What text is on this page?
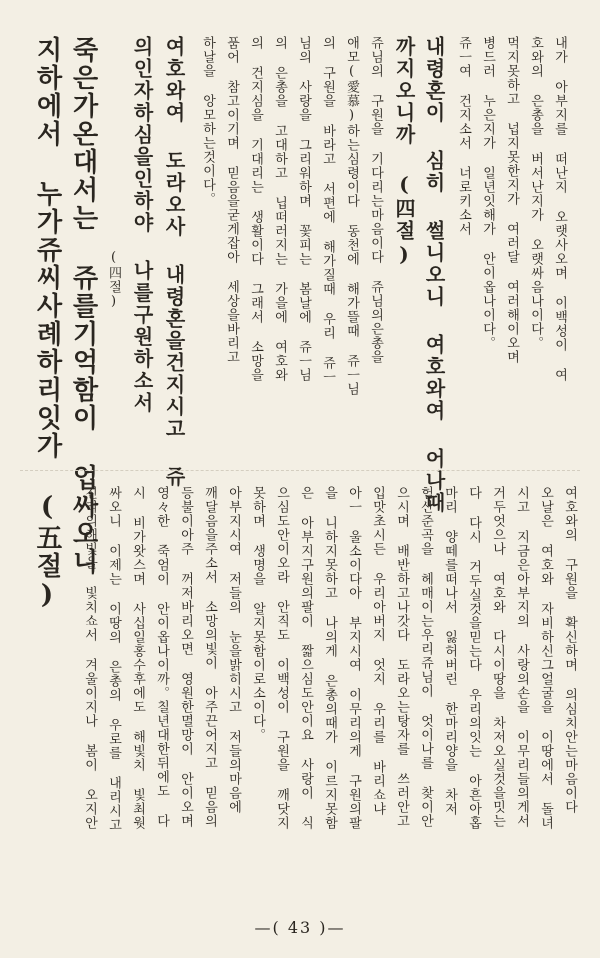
내가 아부지를 떠난지 오랫사오며 이백성이 여
호와의 은총을 버서난지가 오랫싸음나이다。
먹지못하고 넙지못한지가 여러달 여러해이오며
병드러 누은지가 일년잇해가 안이옵나이다。
쥬ㅡ여 건지소서 너로키소서
내령혼이 심히 썰니오니 여호와여 어나때
까지오니까 (四절)
쥬님의 구원을 기다리는마음이다 쥬님의은총을
애모(愛慕)하는심령이다 동천에 해가뜰때 쥬ㅡ님
의 구원을 바라고 서편에 해가질때 우리 쥬ㅡ
님의 사랑을 그리워하며 꽃피는 봄날에 쥬ㅡ님
의 은총을 고대하고 닙떠러지는 가을에 여호와
의 건지심을 기대리는 생활이다 그래서 소망을
품어 참고이기며 믿음을굳게잡아 세상을바리고
하날을 앙모하는것이다。
여호와여 도라오사 내령혼을건지시고 쥬
의인자하심을인하야 나를구원하소서
(四절)
죽은가온대서는 쥬를기억함이 업싸오니
지하에서 누가쥬씨사례하리잇가 (五절)
여호와의 구원을 확신하며 의심치안는마음이다
오날은 여호와 자비하신그얼굴을 이땅에서 돌녀
시고 지금은아부지의 사랑의손을 이무리들의게서
거두엇으나 여호와 다시이땅을 차저오실것을밋는
다 다시 거두실것을믿는다 우리의잇는 아흔아홉
마리 양떼를떠나서 잃허버린 한마리양을 차저
험산준곡을 헤매이는우리쥬님이 엇이나를 찾이안
으시며 배반하고나갓다 도라오는탕자를 쓰러안고
입맛초시든 우리아버지 엇지 우리를 바리쇼냐
아ㅡ 울소이다아 부지시여 이무리의게 구원의팔
을 니하지못하고 나의게 은총의때가 이르지못함
은 아부지구원의팔이 짧으심도안이요 사랑이 식
으심도안이오라 안직도 이백성이 구원을 깨닷지
못하며 생명을 알지못함이로소이다。
아부지시여 저들의 눈을밝히시고 저들의마음에
깨달음을주소서 소망의빛이 아주끈어지고 믿음의
등불이아주 꺼저바리오면 영원한멸망이 안이오며
영々한 죽엄이 안이옵나이까。칠년대한뒤에도 다
시 비가왓스며 사십일홍수후에도 해빛치 빛최웟
싸오니 이제는 이땅의 은총의 우로를 내리시고
진리의해빛을 빛치쇼서 겨울이지나 봄이 오지안
—( 43 )—
